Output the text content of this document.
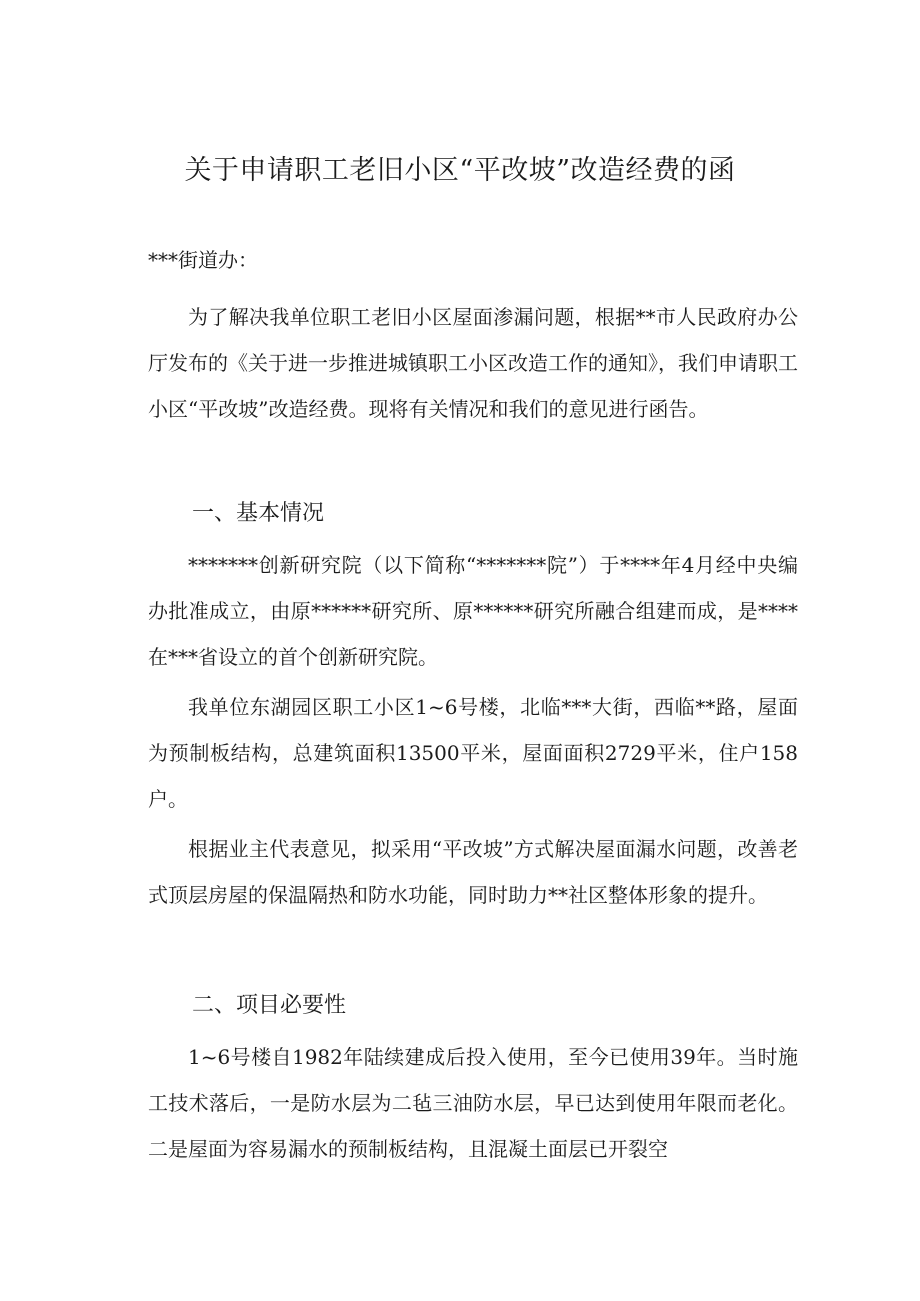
关于申请职工老旧小区“平改坡”改造经费的函

***街道办：

为了解决我单位职工老旧小区屋面渗漏问题，根据**市人民政府办公厅发布的《关于进一步推进城镇职工小区改造工作的通知》，我们申请职工小区“平改坡”改造经费。现将有关情况和我们的意见进行函告。

一、基本情况

*******创新研究院（以下简称“*******院”）于****年4月经中央编办批准成立，由原******研究所、原******研究所融合组建而成，是****在***省设立的首个创新研究院。

我单位东湖园区职工小区1~6号楼，北临***大街，西临**路，屋面为预制板结构，总建筑面积13500平米，屋面面积2729平米，住户158户。

根据业主代表意见，拟采用“平改坡”方式解决屋面漏水问题，改善老式顶层房屋的保温隔热和防水功能，同时助力**社区整体形象的提升。

二、项目必要性

1~6号楼自1982年陆续建成后投入使用，至今已使用39年。当时施工技术落后，一是防水层为二毡三油防水层，早已达到使用年限而老化。二是屋面为容易漏水的预制板结构，且混凝土面层已开裂空
